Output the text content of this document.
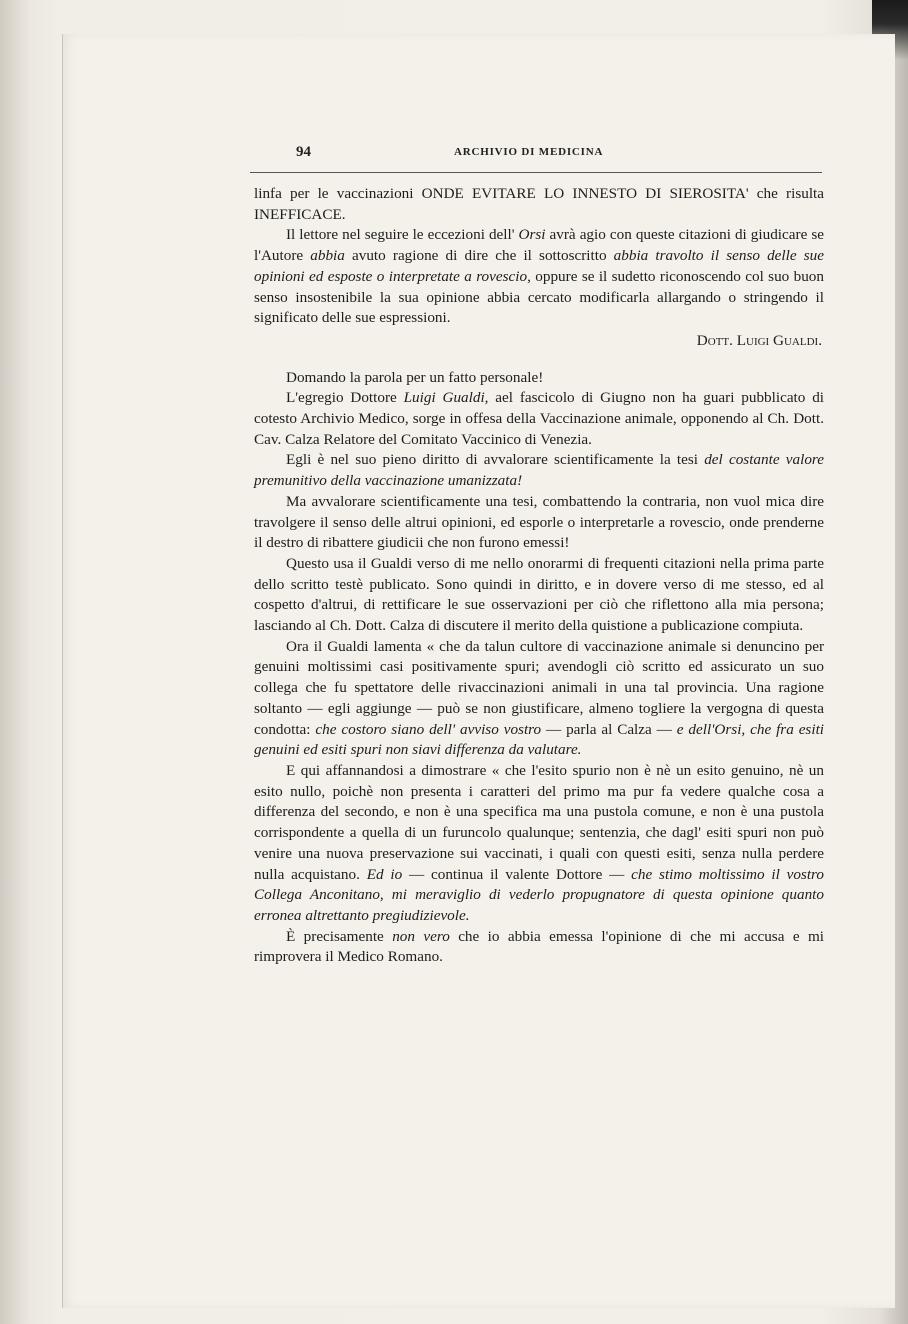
94	ARCHIVIO DI MEDICINA

linfa per le vaccinazioni ONDE EVITARE LO INNESTO DI SIEROSITA' che risulta INEFFICACE.

Il lettore nel seguire le eccezioni dell' Orsi avrà agio con queste citazioni di giudicare se l'Autore abbia avuto ragione di dire che il sottoscritto abbia travolto il senso delle sue opinioni ed esposte o interpretate a rovescio, oppure se il sudetto riconoscendo col suo buon senso insostenibile la sua opinione abbia cercato modificarla allargando o stringendo il significato delle sue espressioni.

Dott. Luigi Gualdi.

Domando la parola per un fatto personale!

L'egregio Dottore Luigi Gualdi, ael fascicolo di Giugno non ha guari pubblicato di cotesto Archivio Medico, sorge in offesa della Vaccinazione animale, opponendo al Ch. Dott. Cav. Calza Relatore del Comitato Vaccinico di Venezia.

Egli è nel suo pieno diritto di avvalorare scientificamente la tesi del costante valore premunitivo della vaccinazione umanizzata!

Ma avvalorare scientificamente una tesi, combattendo la contraria, non vuol mica dire travolgere il senso delle altrui opinioni, ed esporle o interpretarle a rovescio, onde prenderne il destro di ribattere giudicii che non furono emessi!

Questo usa il Gualdi verso di me nello onorarmi di frequenti citazioni nella prima parte dello scritto testè publicato. Sono quindi in diritto, e in dovere verso di me stesso, ed al cospetto d'altrui, di rettificare le sue osservazioni per ciò che riflettono alla mia persona; lasciando al Ch. Dott. Calza di discutere il merito della quistione a publicazione compiuta.

Ora il Gualdi lamenta « che da talun cultore di vaccinazione animale si denuncino per genuini moltissimi casi positivamente spuri; avendogli ciò scritto ed assicurato un suo collega che fu spettatore delle rivaccinazioni animali in una tal provincia. Una ragione soltanto — egli aggiunge — può se non giustificare, almeno togliere la vergogna di questa condotta: che costoro siano dell' avviso vostro — parla al Calza — e dell'Orsi, che fra esiti genuini ed esiti spuri non siavi differenza da valutare.

E qui affannandosi a dimostrare « che l'esito spurio non è nè un esito genuino, nè un esito nullo, poichè non presenta i caratteri del primo ma pur fa vedere qualche cosa a differenza del secondo, e non è una specifica ma una pustola comune, e non è una pustola corrispondente a quella di un furuncolo qualunque; sentenzia, che dagl' esiti spuri non può venire una nuova preservazione sui vaccinati, i quali con questi esiti, senza nulla perdere nulla acquistano. Ed io — continua il valente Dottore — che stimo moltissimo il vostro Collega Anconitano, mi meraviglio di vederlo propugnatore di questa opinione quanto erronea altrettanto pregiudizievole.

È precisamente non vero che io abbia emessa l'opinione di che mi accusa e mi rimprovera il Medico Romano.
